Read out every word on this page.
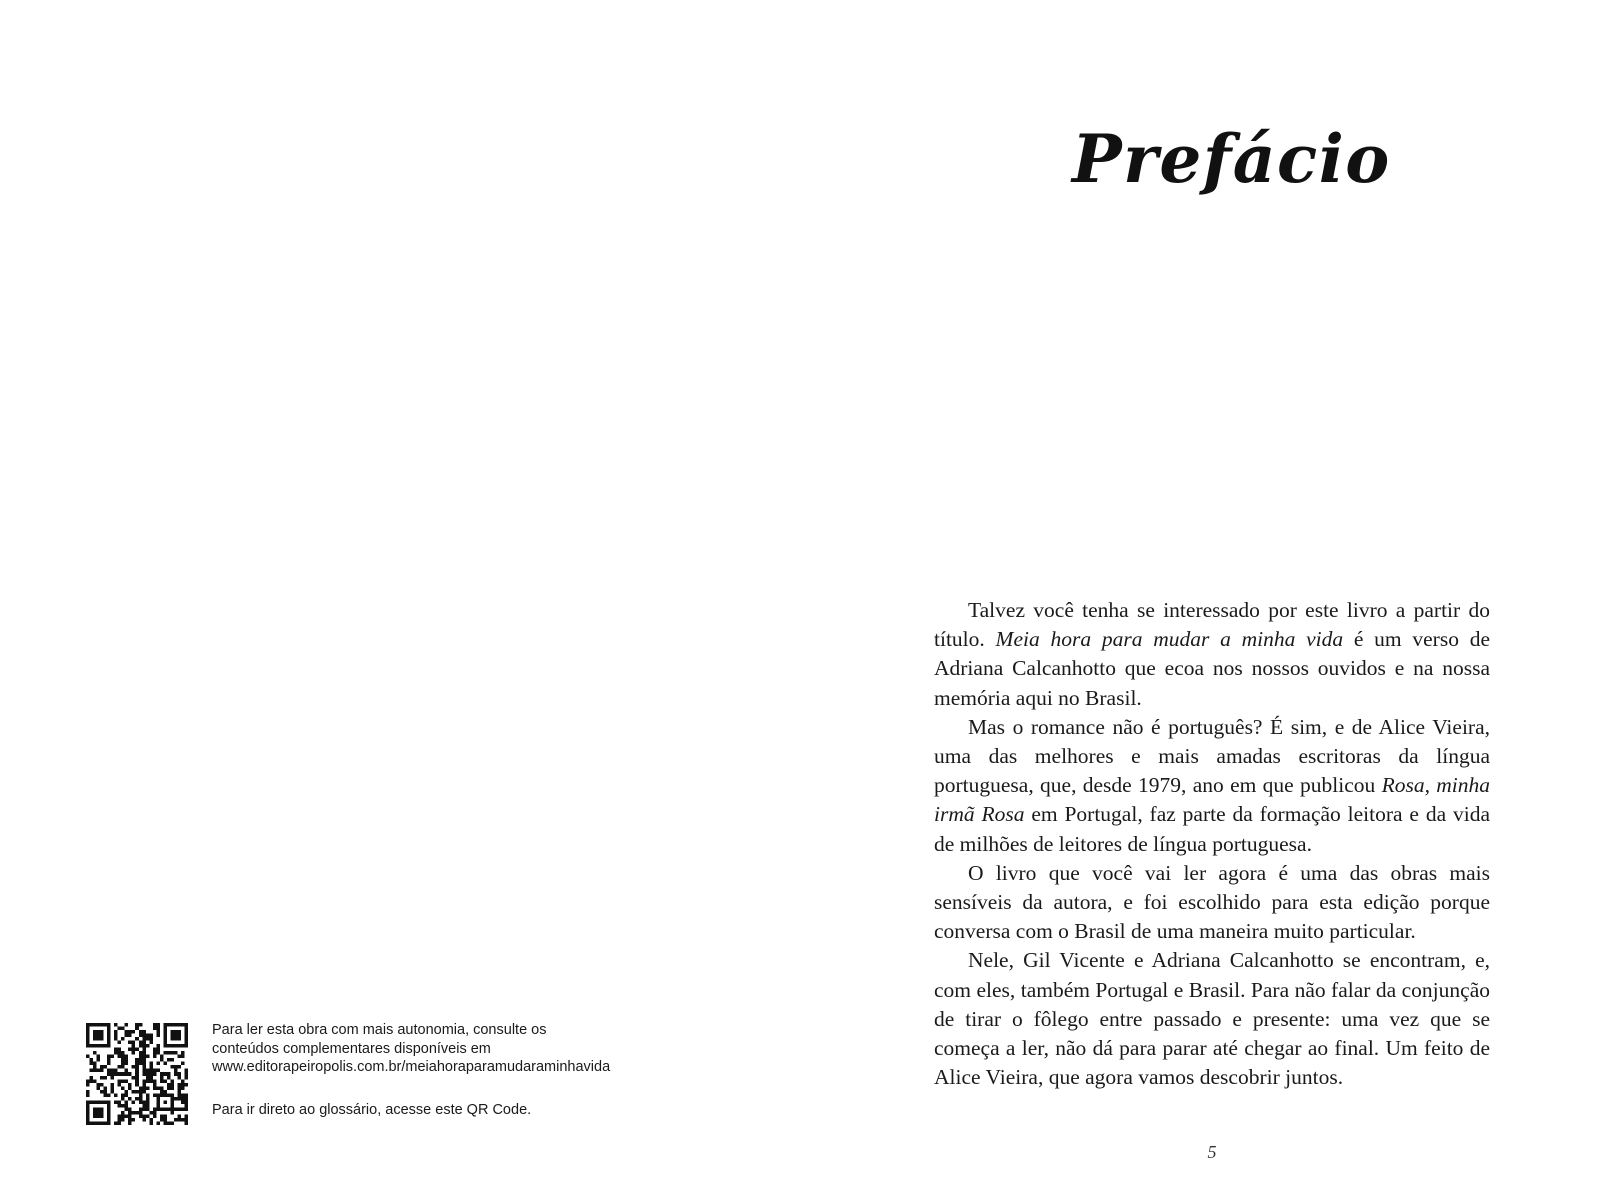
Para ler esta obra com mais autonomia, consulte os

conteúdos complementares disponíveis em

www.editorapeiropolis.com.br/meiahoraparamudaraminhavida

Para ir direto ao glossário, acesse este QR Code.

Prefácio

Talvez você tenha se interessado por este livro a partir do título. Meia hora para mudar a minha vida é um verso de Adriana Calcanhotto que ecoa nos nossos ouvidos e na nossa memória aqui no Brasil.

Mas o romance não é português? É sim, e de Alice Vieira, uma das melhores e mais amadas escritoras da língua portuguesa, que, desde 1979, ano em que publicou Rosa, minha irmã Rosa em Portugal, faz parte da formação leitora e da vida de milhões de leitores de língua portuguesa.

O livro que você vai ler agora é uma das obras mais sensíveis da autora, e foi escolhido para esta edição porque conversa com o Brasil de uma maneira muito particular.

Nele, Gil Vicente e Adriana Calcanhotto se encontram, e, com eles, também Portugal e Brasil. Para não falar da conjunção de tirar o fôlego entre passado e presente: uma vez que se começa a ler, não dá para parar até chegar ao final. Um feito de Alice Vieira, que agora vamos descobrir juntos.

5
